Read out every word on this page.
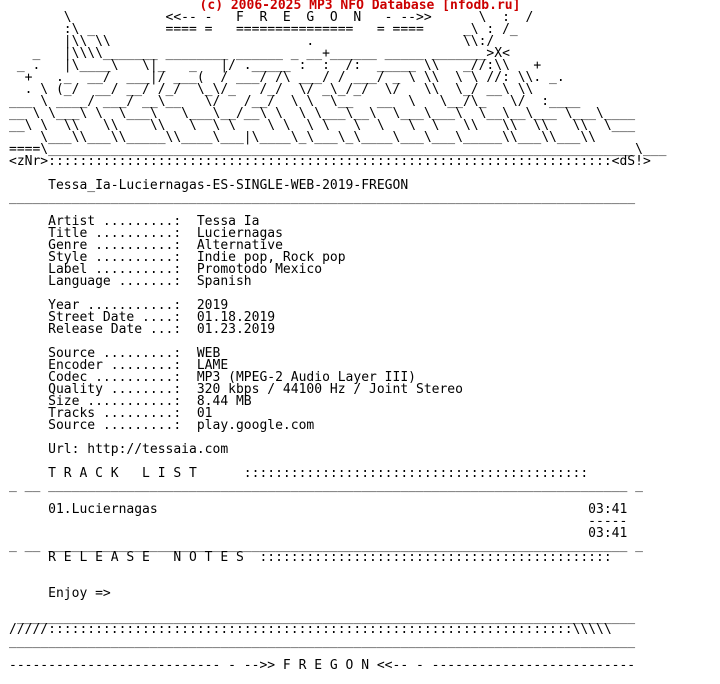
(c) 2006-2025 MP3 NFO Database [nfodb.ru]
\            <<-- -   F  R  E  G  O  N   - -->>      \  :  /
:\ _         ==== =   ===============   = ====     _\ : /_
|\\ \\                         .                   \\:/
_   |\\\\_______ ________ ______ _ __+______ _____ _______>X<
_ .   |\____\   \|_   _   |/ ._____ :  :  /:  _____ \\   _//:\\   +
+   ._  __/  ___|/ ___(  / ___/ /\ ___/ / ___/ _ \ \\  \ \ //: \\. _.
. \ (_/  __/ __/ /_/  \_\/_   /_/  \/ _\_/_/  \/   \\  \_/ __\ \\
___ \ ____/ ___/ __\__   \/   /__/  \ \  \__   __  \   \__/\_   \/  :____
__ \ \___\ \  \___\   \___\__/__\ \  \ \___\__\  \___\___\  \__\__\___ \___\____
__\ \  \\   \\    \\   \  \ \    \ \  \ \   \  \   \  \   \\   \\  \\   \\  \___
\___\\___\\_____\\____\___|\____\_\___\_\____\___\___\_____\\___\\___\\
====\___________________________________________________________________________\___
<zNr>::::::::::::::::::::::::::::::::::::::::::::::::::::::::::::::::::::::::<dS!>
Tessa_Ia-Luciernagas-ES-SINGLE-WEB-2019-FREGON
________________________________________________________________________________
Artist .........:  Tessa Ia
Title ..........:  Luciernagas
Genre ..........:  Alternative
Style ..........:  Indie pop, Rock pop
Label ..........:  Promotodo Mexico
Language .......:  Spanish
Year ...........:  2019
Street Date ....:  01.18.2019
Release Date ...:  01.23.2019
Source .........:  WEB
Encoder ........:  LAME
Codec ..........:  MP3 (MPEG-2 Audio Layer III)
Quality ........:  320 kbps / 44100 Hz / Joint Stereo
Size ...........:  8.44 MB
Tracks .........:  01
Source .........:  play.google.com
Url: http://tessaia.com
T R A C K   L I S T      ::::::::::::::::::::::::::::::::::::::::::::
_ __ __________________________________________________________________________ _
01.Luciernagas                                                       03:41
-----
03:41
_ __ __________________________________________________________________________ _
R E L E A S E   N O T E S  :::::::::::::::::::::::::::::::::::::::::::::
Enjoy =>
_______________________________________________________________________________
/////:::::::::::::::::::::::::::::::::::::::::::::::::::::::::::::::::::\\\\\
________________________________________________________________________________
--------------------------- - -->> F R E G O N <<-- - --------------------------
